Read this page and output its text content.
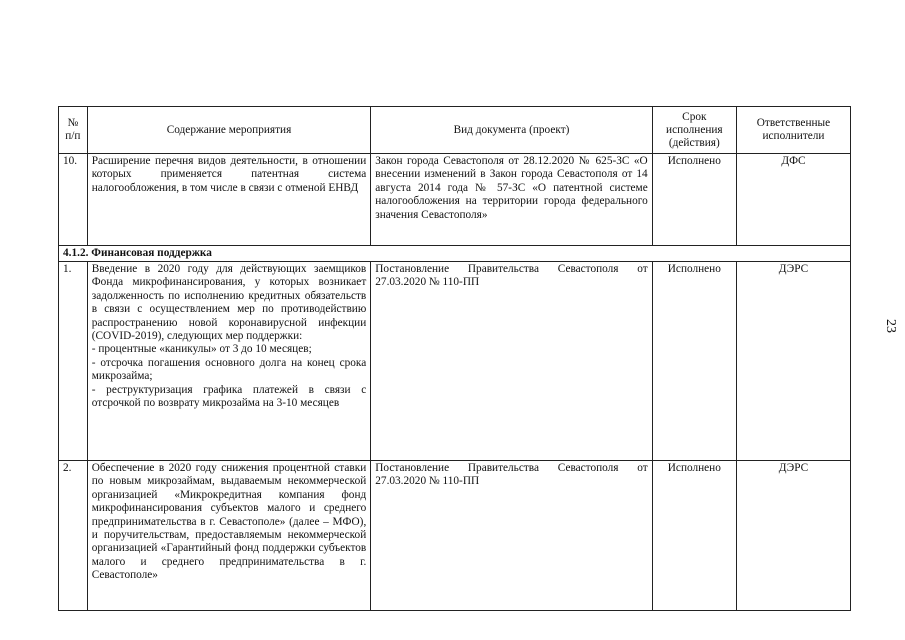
№ п/п	Содержание мероприятия	Вид документа (проект)	Срок исполнения (действия)	Ответственные исполнители
10.	Расширение перечня видов деятельности, в отношении которых применяется патентная система налогообложения, в том числе в связи с отменой ЕНВД	Закон города Севастополя от 28.12.2020 № 625-ЗС «О внесении изменений в Закон города Севастополя от 14 августа 2014 года № 57-ЗС «О патентной системе налогообложения на территории города федерального значения Севастополя»	Исполнено	ДФС
4.1.2. Финансовая поддержка				
1.	Введение в 2020 году для действующих заемщиков Фонда микрофинансирования, у которых возникает задолженность по исполнению кредитных обязательств в связи с осуществлением мер по противодействию распространению новой коронавирусной инфекции (COVID-2019), следующих мер поддержки:
- процентные «каникулы» от 3 до 10 месяцев;
- отсрочка погашения основного долга на конец срока микрозайма;
- реструктуризация графика платежей в связи с отсрочкой по возврату микрозайма на 3-10 месяцев	Постановление Правительства Севастополя от 27.03.2020 № 110-ПП	Исполнено	ДЭРС
2.	Обеспечение в 2020 году снижения процентной ставки по новым микрозаймам, выдаваемым некоммерческой организацией «Микрокредитная компания фонд микрофинансирования субъектов малого и среднего предпринимательства в г. Севастополе» (далее – МФО), и поручительствам, предоставляемым некоммерческой организацией «Гарантийный фонд поддержки субъектов малого и среднего предпринимательства в г. Севастополе»	Постановление Правительства Севастополя от 27.03.2020 № 110-ПП	Исполнено	ДЭРС
23
